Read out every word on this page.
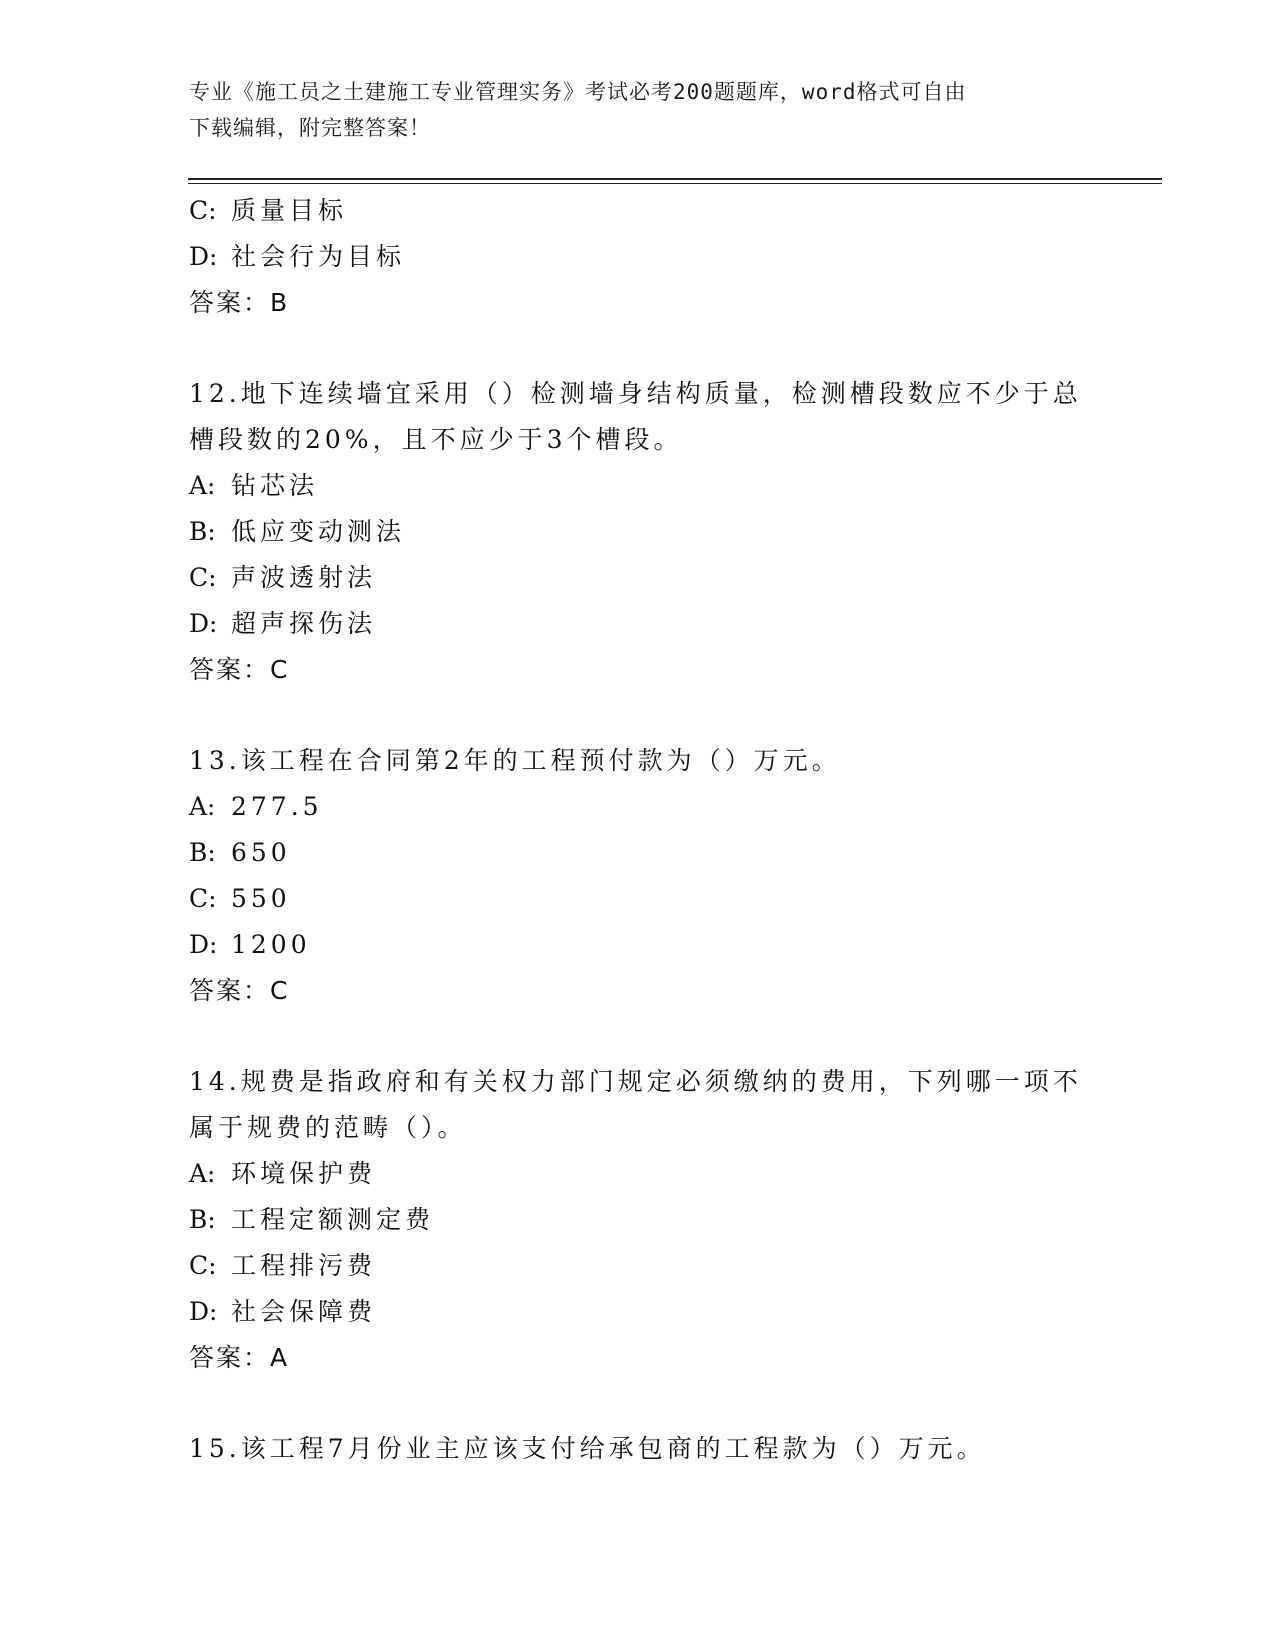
专业《施工员之土建施工专业管理实务》考试必考200题题库，word格式可自由
下载编辑，附完整答案！
C: 质量目标
D: 社会行为目标
答案：B
12.地下连续墙宜采用（）检测墙身结构质量，检测槽段数应不少于总
槽段数的20%，且不应少于3个槽段。
A: 钻芯法
B: 低应变动测法
C: 声波透射法
D: 超声探伤法
答案：C
13.该工程在合同第2年的工程预付款为（）万元。
A: 277.5
B: 650
C: 550
D: 1200
答案：C
14.规费是指政府和有关权力部门规定必须缴纳的费用，下列哪一项不
属于规费的范畴（）。
A: 环境保护费
B: 工程定额测定费
C: 工程排污费
D: 社会保障费
答案：A
15.该工程7月份业主应该支付给承包商的工程款为（）万元。
